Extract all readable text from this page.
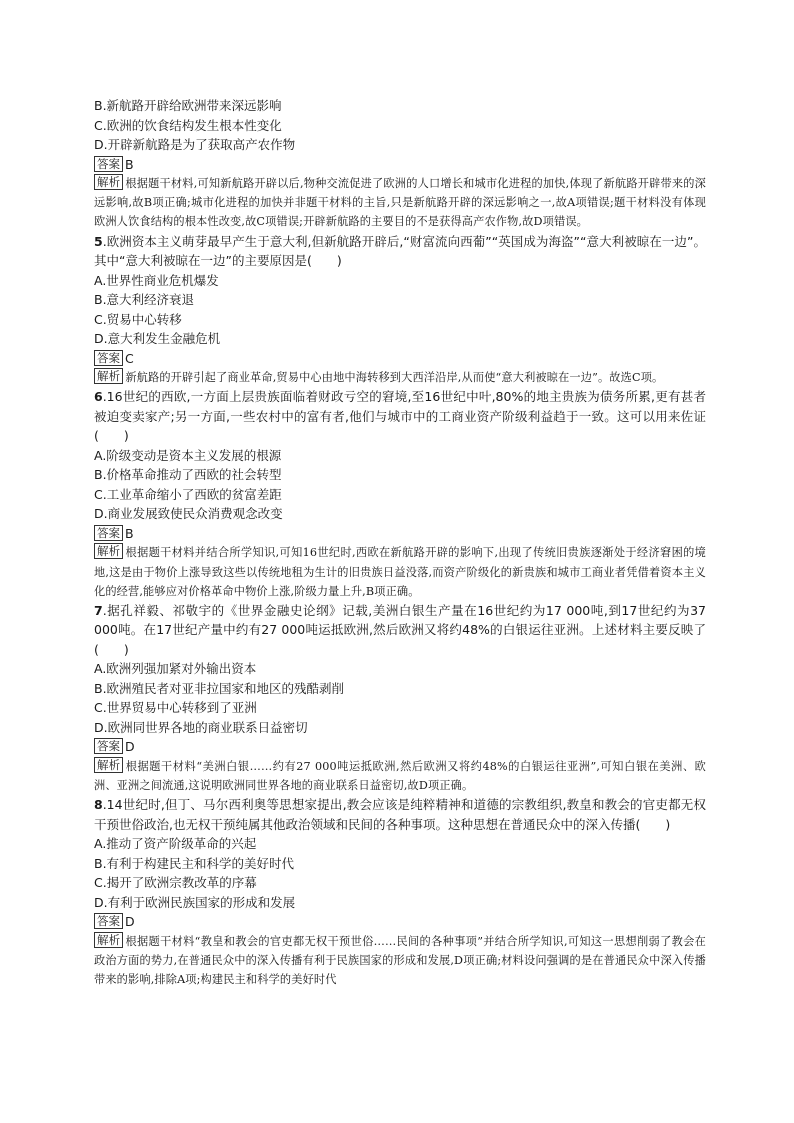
B.新航路开辟给欧洲带来深远影响
C.欧洲的饮食结构发生根本性变化
D.开辟新航路是为了获取高产农作物
答案 B
解析 根据题干材料,可知新航路开辟以后,物种交流促进了欧洲的人口增长和城市化进程的加快,体现了新航路开辟带来的深远影响,故B项正确;城市化进程的加快并非题干材料的主旨,只是新航路开辟的深远影响之一,故A项错误;题干材料没有体现欧洲人饮食结构的根本性改变,故C项错误;开辟新航路的主要目的不是获得高产农作物,故D项错误。
5.欧洲资本主义萌芽最早产生于意大利,但新航路开辟后,“财富流向西葡”“英国成为海盗”“意大利被晾在一边”。其中“意大利被晾在一边”的主要原因是(　　)
A.世界性商业危机爆发
B.意大利经济衰退
C.贸易中心转移
D.意大利发生金融危机
答案 C
解析 新航路的开辟引起了商业革命,贸易中心由地中海转移到大西洋沿岸,从而使“意大利被晾在一边”。故选C项。
6.16世纪的西欧,一方面上层贵族面临着财政亏空的窘境,至16世纪中叶,80%的地主贵族为债务所累,更有甚者被迫变卖家产;另一方面,一些农村中的富有者,他们与城市中的工商业资产阶级利益趋于一致。这可以用来佐证(　　)
A.阶级变动是资本主义发展的根源
B.价格革命推动了西欧的社会转型
C.工业革命缩小了西欧的贫富差距
D.商业发展致使民众消费观念改变
答案 B
解析 根据题干材料并结合所学知识,可知16世纪时,西欧在新航路开辟的影响下,出现了传统旧贵族逐渐处于经济窘困的境地,这是由于物价上涨导致这些以传统地租为生计的旧贵族日益没落,而资产阶级化的新贵族和城市工商业者凭借着资本主义化的经营,能够应对价格革命中物价上涨,阶级力量上升,B项正确。
7.据孔祥毅、祁敬宇的《世界金融史论纲》记载,美洲白银生产量在16世纪约为17 000吨,到17世纪约为37 000吨。在17世纪产量中约有27 000吨运抵欧洲,然后欧洲又将约48%的白银运往亚洲。上述材料主要反映了(　　)
A.欧洲列强加紧对外输出资本
B.欧洲殖民者对亚非拉国家和地区的残酷剥削
C.世界贸易中心转移到了亚洲
D.欧洲同世界各地的商业联系日益密切
答案 D
解析 根据题干材料“美洲白银……约有27 000吨运抵欧洲,然后欧洲又将约48%的白银运往亚洲”,可知白银在美洲、欧洲、亚洲之间流通,这说明欧洲同世界各地的商业联系日益密切,故D项正确。
8.14世纪时,但丁、马尔西利奥等思想家提出,教会应该是纯粹精神和道德的宗教组织,教皇和教会的官吏都无权干预世俗政治,也无权干预纯属其他政治领域和民间的各种事项。这种思想在普通民众中的深入传播(　　)
A.推动了资产阶级革命的兴起
B.有利于构建民主和科学的美好时代
C.揭开了欧洲宗教改革的序幕
D.有利于欧洲民族国家的形成和发展
答案 D
解析 根据题干材料“教皇和教会的官吏都无权干预世俗……民间的各种事项”并结合所学知识,可知这一思想削弱了教会在政治方面的势力,在普通民众中的深入传播有利于民族国家的形成和发展,D项正确;材料设问强调的是在普通民众中深入传播带来的影响,排除A项;构建民主和科学的美好时代
